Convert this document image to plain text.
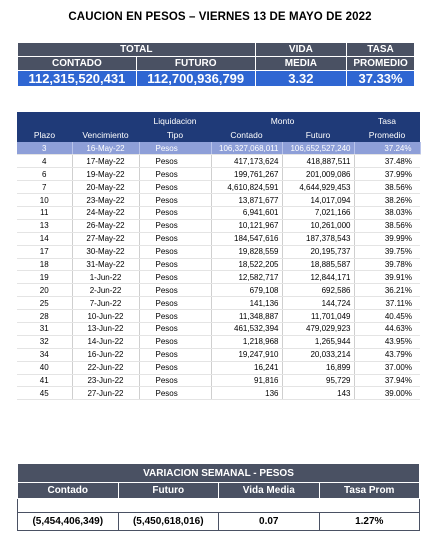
CAUCION EN PESOS – VIERNES 13 DE MAYO DE 2022
TOTAL		VIDA	TASA
CONTADO	FUTURO	MEDIA	PROMEDIO
112,315,520,431	112,700,936,799	3.32	37.33%
		Liquidacion	Monto		Tasa
Plazo	Vencimiento	Tipo	Contado	Futuro	Promedio
3	16-May-22	Pesos	106,327,068,011	106,652,527,240	37.24%
4	17-May-22	Pesos	417,173,624	418,887,511	37.48%
6	19-May-22	Pesos	199,761,267	201,009,086	37.99%
7	20-May-22	Pesos	4,610,824,591	4,644,929,453	38.56%
10	23-May-22	Pesos	13,871,677	14,017,094	38.26%
11	24-May-22	Pesos	6,941,601	7,021,166	38.03%
13	26-May-22	Pesos	10,121,967	10,261,000	38.56%
14	27-May-22	Pesos	184,547,616	187,378,543	39.99%
17	30-May-22	Pesos	19,828,559	20,195,737	39.75%
18	31-May-22	Pesos	18,522,205	18,885,587	39.78%
19	1-Jun-22	Pesos	12,582,717	12,844,171	39.91%
20	2-Jun-22	Pesos	679,108	692,586	36.21%
25	7-Jun-22	Pesos	141,136	144,724	37.11%
28	10-Jun-22	Pesos	11,348,887	11,701,049	40.45%
31	13-Jun-22	Pesos	461,532,394	479,029,923	44.63%
32	14-Jun-22	Pesos	1,218,968	1,265,944	43.95%
34	16-Jun-22	Pesos	19,247,910	20,033,214	43.79%
40	22-Jun-22	Pesos	16,241	16,899	37.00%
41	23-Jun-22	Pesos	91,816	95,729	37.94%
45	27-Jun-22	Pesos	136	143	39.00%
VARIACION SEMANAL - PESOS			
Contado	Futuro	Vida Media	Tasa Prom

(5,454,406,349)	(5,450,618,016)	0.07	1.27%
